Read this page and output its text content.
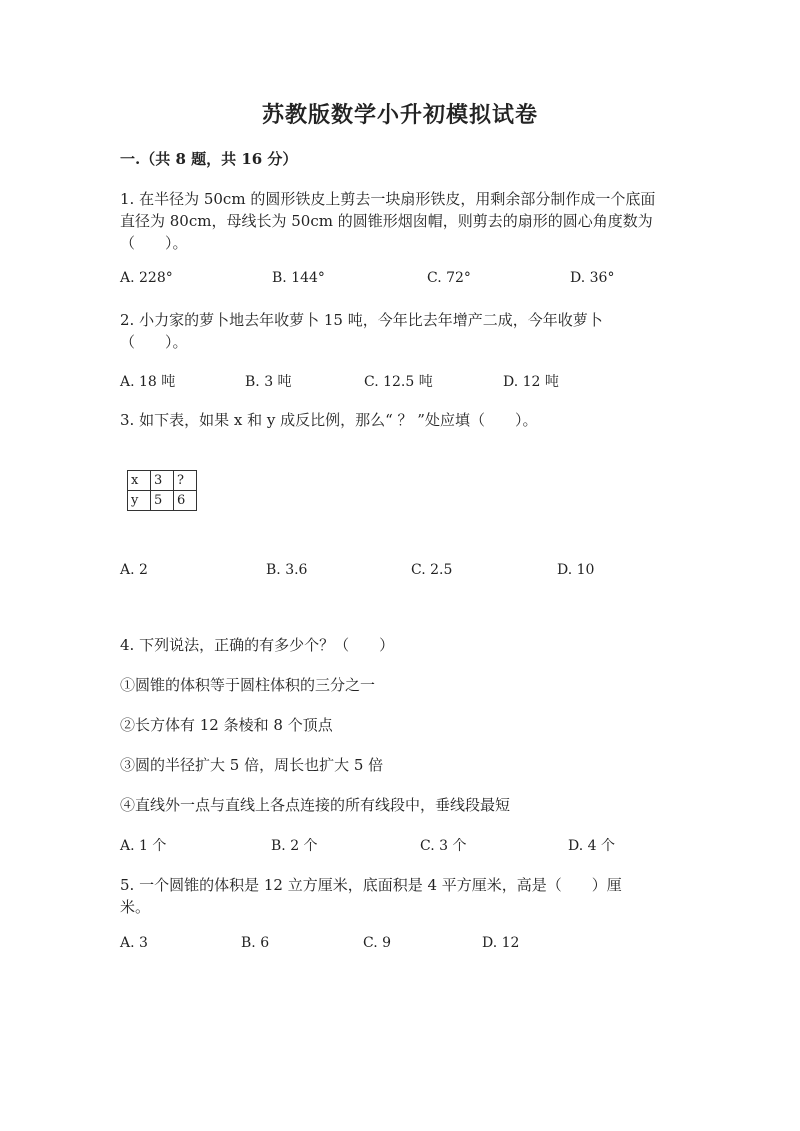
苏教版数学小升初模拟试卷
一.（共 8 题，共 16 分）
1. 在半径为 50cm 的圆形铁皮上剪去一块扇形铁皮，用剩余部分制作成一个底面
直径为 80cm，母线长为 50cm 的圆锥形烟囱帽，则剪去的扇形的圆心角度数为
（　　）。
A. 228°	B. 144°	C. 72°	D. 36°
2. 小力家的萝卜地去年收萝卜 15 吨，今年比去年增产二成，今年收萝卜
（　　）。
A. 18 吨	B. 3 吨	C. 12.5 吨	D. 12 吨
3. 如下表，如果 x 和 y 成反比例，那么“ ？ ”处应填（　　）。
x	3	?
y	5	6
A. 2	B. 3.6	C. 2.5	D. 10
4. 下列说法，正确的有多少个？（　　）
①圆锥的体积等于圆柱体积的三分之一
②长方体有 12 条棱和 8 个顶点
③圆的半径扩大 5 倍，周长也扩大 5 倍
④直线外一点与直线上各点连接的所有线段中，垂线段最短
A. 1 个	B. 2 个	C. 3 个	D. 4 个
5. 一个圆锥的体积是 12 立方厘米，底面积是 4 平方厘米，高是（　　）厘
米。
A. 3	B. 6	C. 9	D. 12
